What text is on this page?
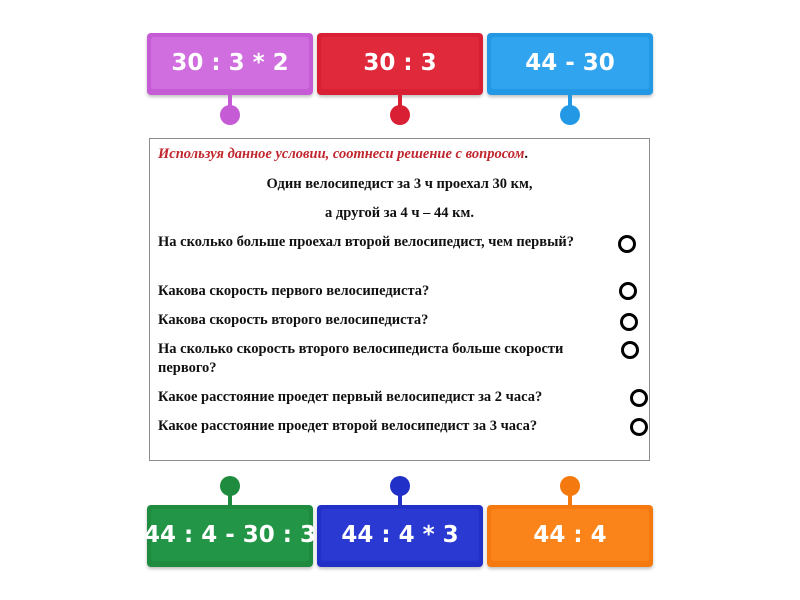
30 : 3 * 2	30 : 3	44 - 30
Используя данное условии, соотнеси решение с вопросом.
Один велосипедист за 3 ч проехал 30 км,
а другой за 4 ч – 44 км.
На сколько больше проехал второй велосипедист, чем первый?
Какова скорость первого велосипедиста?
Какова скорость второго велосипедиста?
На сколько скорость второго велосипедиста больше скорости первого?
Какое расстояние проедет первый велосипедист за 2 часа?
Какое расстояние проедет второй велосипедист за 3 часа?
44 : 4 - 30 : 3 44 : 4 * 3	44 : 4
